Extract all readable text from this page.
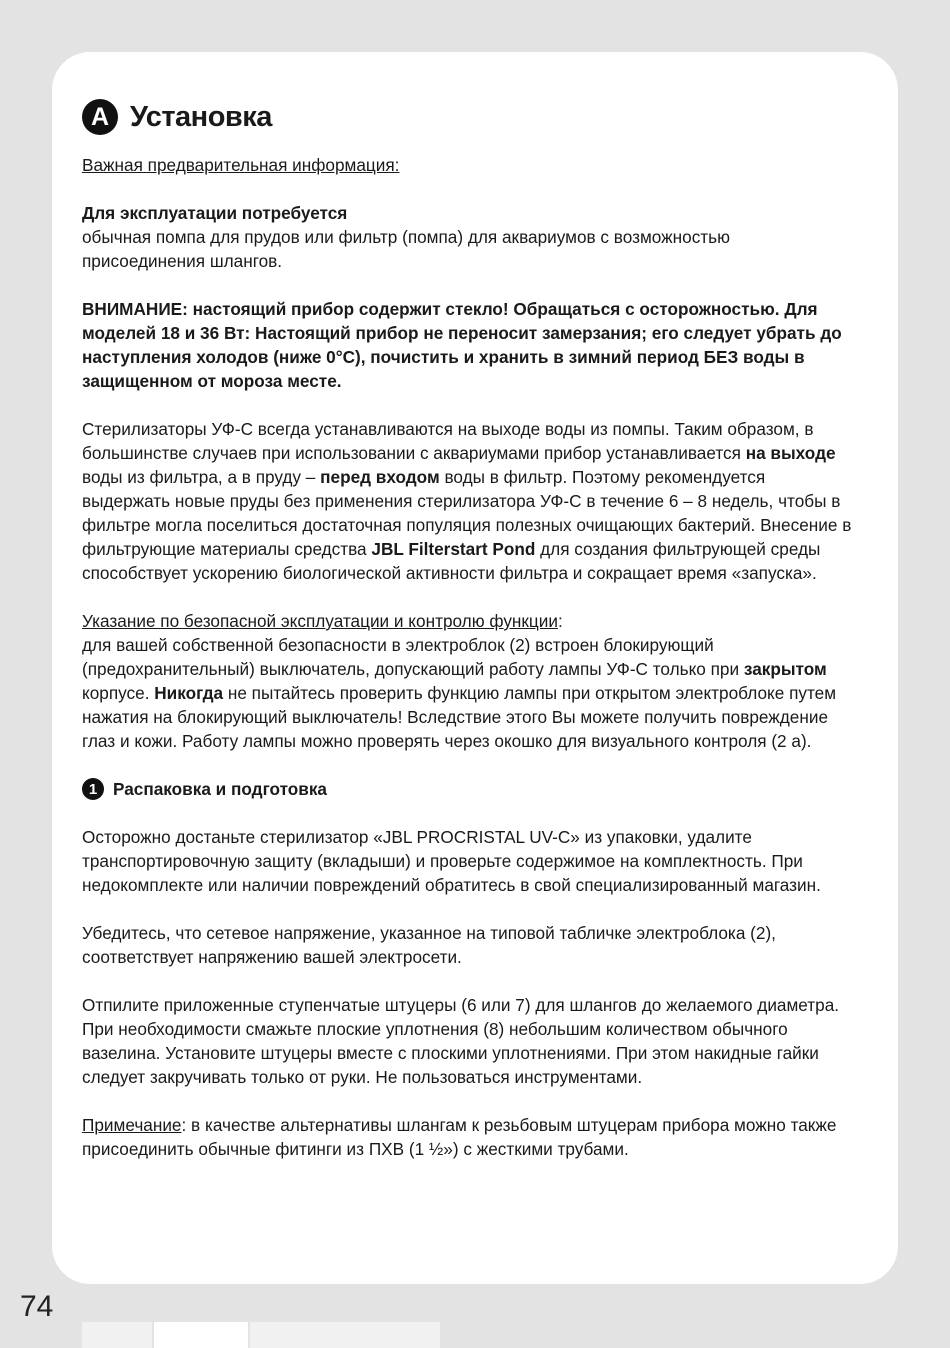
A Установка

Важная предварительная информация:

Для эксплуатации потребуется
обычная помпа для прудов или фильтр (помпа) для аквариумов с возможностью присоединения шлангов.

ВНИМАНИЕ: настоящий прибор содержит стекло! Обращаться с осторожностью. Для моделей 18 и 36 Вт: Настоящий прибор не переносит замерзания; его следует убрать до наступления холодов (ниже 0°C), почистить и хранить в зимний период БЕЗ воды в защищенном от мороза месте.

Стерилизаторы УФ-С всегда устанавливаются на выходе воды из помпы. Таким образом, в большинстве случаев при использовании с аквариумами прибор устанавливается на выходе воды из фильтра, а в пруду – перед входом воды в фильтр. Поэтому рекомендуется выдержать новые пруды без применения стерилизатора УФ-С в течение 6 – 8 недель, чтобы в фильтре могла поселиться достаточная популяция полезных очищающих бактерий. Внесение в фильтрующие материалы средства JBL Filterstart Pond для создания фильтрующей среды способствует ускорению биологической активности фильтра и сокращает время «запуска».

Указание по безопасной эксплуатации и контролю функции:
для вашей собственной безопасности в электроблок (2) встроен блокирующий (предохранительный) выключатель, допускающий работу лампы УФ-С только при закрытом корпусе. Никогда не пытайтесь проверить функцию лампы при открытом электроблоке путем нажатия на блокирующий выключатель! Вследствие этого Вы можете получить повреждение глаз и кожи. Работу лампы можно проверять через окошко для визуального контроля (2 a).

1 Распаковка и подготовка

Осторожно достаньте стерилизатор «JBL PROCRISTAL UV-C» из упаковки, удалите транспортировочную защиту (вкладыши) и проверьте содержимое на комплектность. При недокомплекте или наличии повреждений обратитесь в свой специализированный магазин.

Убедитесь, что сетевое напряжение, указанное на типовой табличке электроблока (2), соответствует напряжению вашей электросети.

Отпилите приложенные ступенчатые штуцеры (6 или 7) для шлангов до желаемого диаметра. При необходимости смажьте плоские уплотнения (8) небольшим количеством обычного вазелина. Установите штуцеры вместе с плоскими уплотнениями. При этом накидные гайки следует закручивать только от руки. Не пользоваться инструментами.

Примечание: в качестве альтернативы шлангам к резьбовым штуцерам прибора можно также присоединить обычные фитинги из ПХВ (1 ½») с жесткими трубами.

74
